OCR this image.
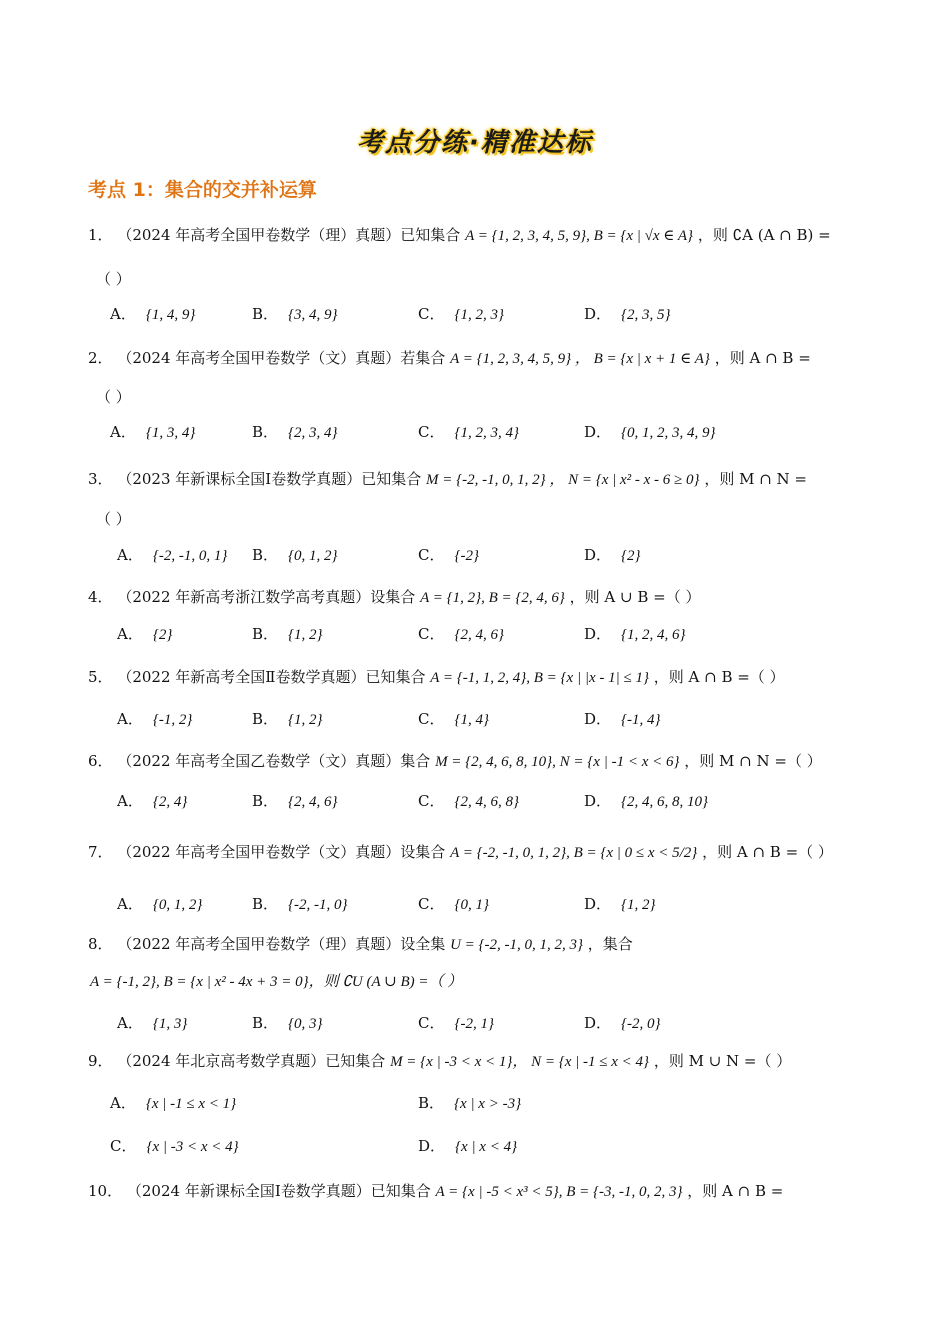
考点分练·精准达标
考点 1：集合的交并补运算
1． （2024 年高考全国甲卷数学（理）真题）已知集合 A = {1, 2, 3, 4, 5, 9}, B = {x | √x ∈ A} ，则 ∁A (A ∩ B) =
（ ）
A． {1, 4, 9}	B． {3, 4, 9}	C． {1, 2, 3}	D． {2, 3, 5}
2． （2024 年高考全国甲卷数学（文）真题）若集合 A = {1, 2, 3, 4, 5, 9} ， B = {x | x + 1 ∈ A} ，则 A ∩ B =
（ ）
A． {1, 3, 4}	B． {2, 3, 4}	C． {1, 2, 3, 4}	D． {0, 1, 2, 3, 4, 9}
3． （2023 年新课标全国Ⅰ卷数学真题）已知集合 M = {-2, -1, 0, 1, 2} ， N = {x | x² - x - 6 ≥ 0} ，则 M ∩ N =
（ ）
A． {-2, -1, 0, 1} B． {0, 1, 2}	C． {-2}	D． {2}
4． （2022 年新高考浙江数学高考真题）设集合 A = {1, 2}, B = {2, 4, 6} ，则 A ∪ B =（ ）
A． {2}	B． {1, 2}	C． {2, 4, 6}	D． {1, 2, 4, 6}
5． （2022 年新高考全国Ⅱ卷数学真题）已知集合 A = {-1, 1, 2, 4}, B = {x | |x - 1| ≤ 1} ，则 A ∩ B =（ ）
A． {-1, 2}	B． {1, 2}	C． {1, 4}	D． {-1, 4}
6． （2022 年高考全国乙卷数学（文）真题）集合 M = {2, 4, 6, 8, 10}, N = {x | -1 < x < 6} ，则 M ∩ N =（ ）
A． {2, 4}	B． {2, 4, 6}	C． {2, 4, 6, 8}	D． {2, 4, 6, 8, 10}
7． （2022 年高考全国甲卷数学（文）真题）设集合 A = {-2, -1, 0, 1, 2}, B = {x | 0 ≤ x < 5/2} ，则 A ∩ B =（ ）
A． {0, 1, 2}	B． {-2, -1, 0}	C． {0, 1}	D． {1, 2}
8． （2022 年高考全国甲卷数学（理）真题）设全集 U = {-2, -1, 0, 1, 2, 3} ，集合
A = {-1, 2}, B = {x | x² - 4x + 3 = 0}，则 ∁U (A ∪ B) =（ ）
A． {1, 3}	B． {0, 3}	C． {-2, 1}	D． {-2, 0}
9． （2024 年北京高考数学真题）已知集合 M = {x | -3 < x < 1}， N = {x | -1 ≤ x < 4} ，则 M ∪ N =（ ）
A． {x | -1 ≤ x < 1}	B． {x | x > -3}
C． {x | -3 < x < 4}	D． {x | x < 4}
10． （2024 年新课标全国Ⅰ卷数学真题）已知集合 A = {x | -5 < x³ < 5}, B = {-3, -1, 0, 2, 3} ，则 A ∩ B =
